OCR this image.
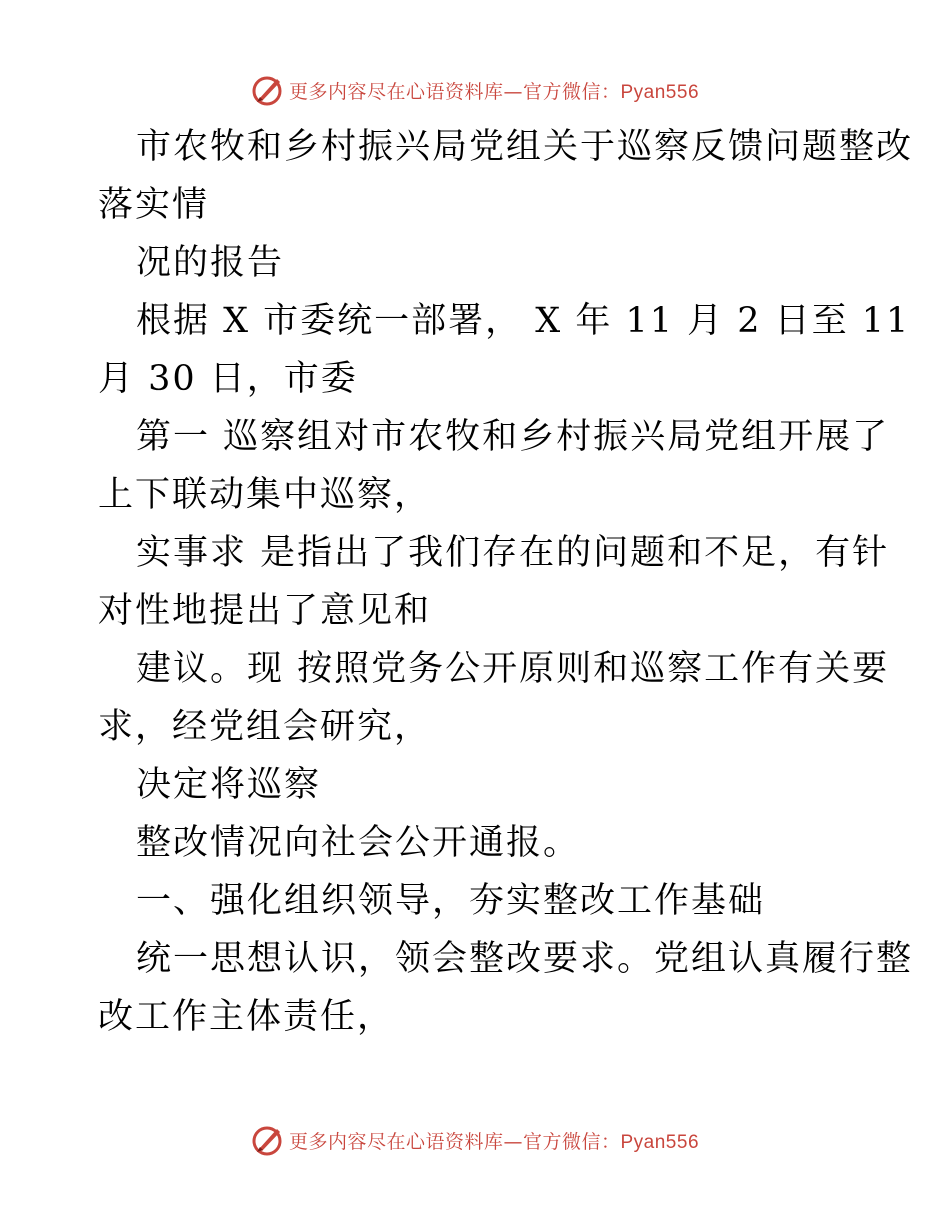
更多内容尽在心语资料库—官方微信：Pyan556
市农牧和乡村振兴局党组关于巡察反馈问题整改
落实情
况的报告
根据 X 市委统一部署， X 年 11 月 2 日至 11
月 30 日，市委
第一 巡察组对市农牧和乡村振兴局党组开展了
上下联动集中巡察，
实事求 是指出了我们存在的问题和不足，有针
对性地提出了意见和
建议。现 按照党务公开原则和巡察工作有关要
求，经党组会研究，
决定将巡察
整改情况向社会公开通报。
一、强化组织领导，夯实整改工作基础
统一思想认识，领会整改要求。党组认真履行整
改工作主体责任，
更多内容尽在心语资料库—官方微信：Pyan556
